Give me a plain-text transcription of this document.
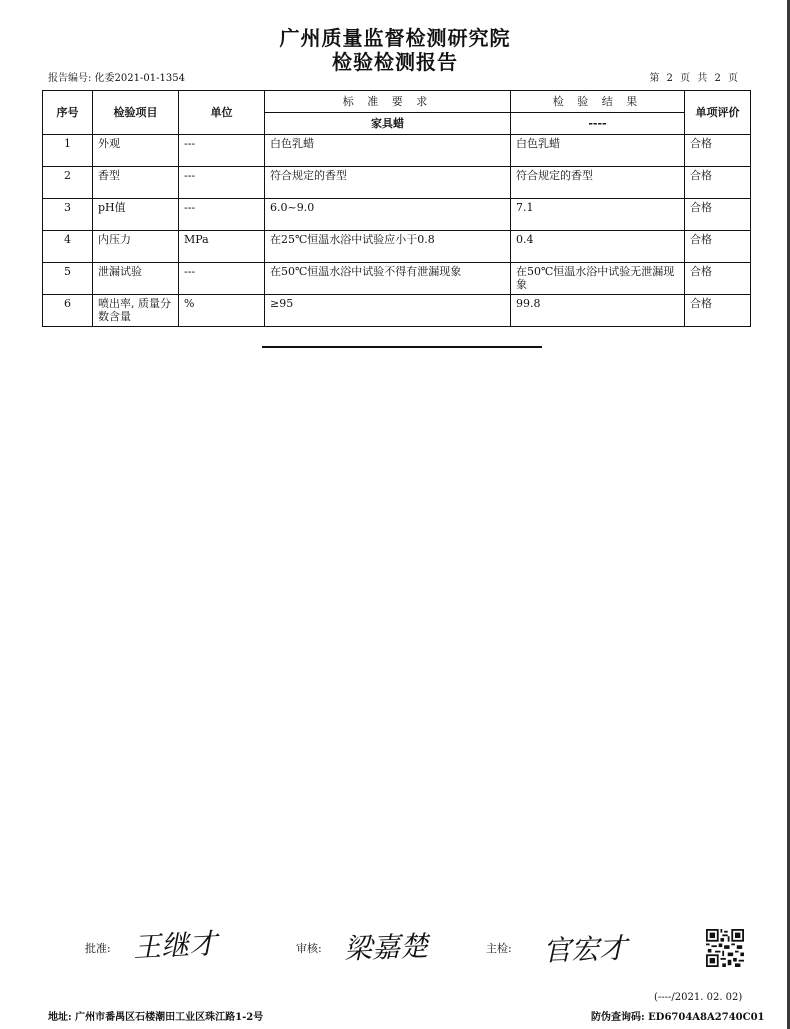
广州质量监督检测研究院
检验检测报告
报告编号: 化委2021-01-1354	第 2 页 共 2 页
序号	检验项目	单位	标 准 要 求	检 验 结 果	单项评价
			家具蜡	----	
1	外观	---	白色乳蜡	白色乳蜡	合格
2	香型	---	符合规定的香型	符合规定的香型	合格
3	pH值	---	6.0~9.0	7.1	合格
4	内压力	MPa	在25℃恒温水浴中试验应小于0.8	0.4	合格
5	泄漏试验	---	在50℃恒温水浴中试验不得有泄漏现象	在50℃恒温水浴中试验无泄漏现象	合格
6	喷出率, 质量分数含量	%	≥95	99.8	合格
批准: 王继才	审核: 梁嘉楚	主检: 官宏才
(----/2021. 02. 02)
地址: 广州市番禺区石楼潮田工业区珠江路1-2号	防伪查询码: ED6704A8A2740C01
